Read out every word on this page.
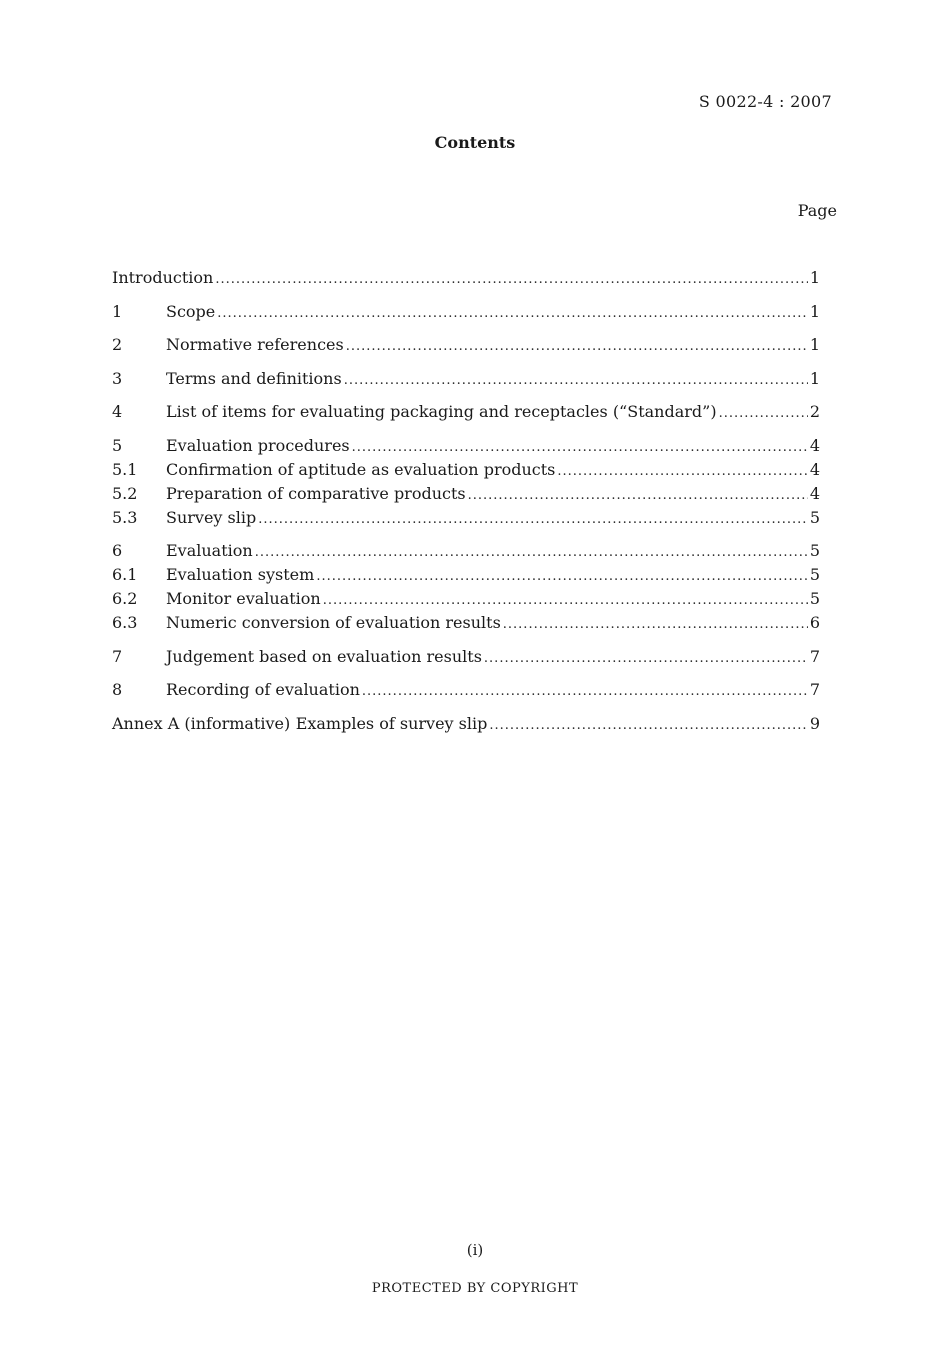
S 0022-4 : 2007
Contents
Page
Introduction .....	1
1	Scope .....	1
2	Normative references .....	1
3	Terms and definitions .....	1
4	List of items for evaluating packaging and receptacles (“Standard”) .....	2
5	Evaluation procedures .....	4
5.1	Confirmation of aptitude as evaluation products .....	4
5.2	Preparation of comparative products .....	4
5.3	Survey slip .....	5
6	Evaluation .....	5
6.1	Evaluation system .....	5
6.2	Monitor evaluation .....	5
6.3	Numeric conversion of evaluation results .....	6
7	Judgement based on evaluation results .....	7
8	Recording of evaluation .....	7
Annex A (informative) Examples of survey slip .....	9
(i)
PROTECTED BY COPYRIGHT
